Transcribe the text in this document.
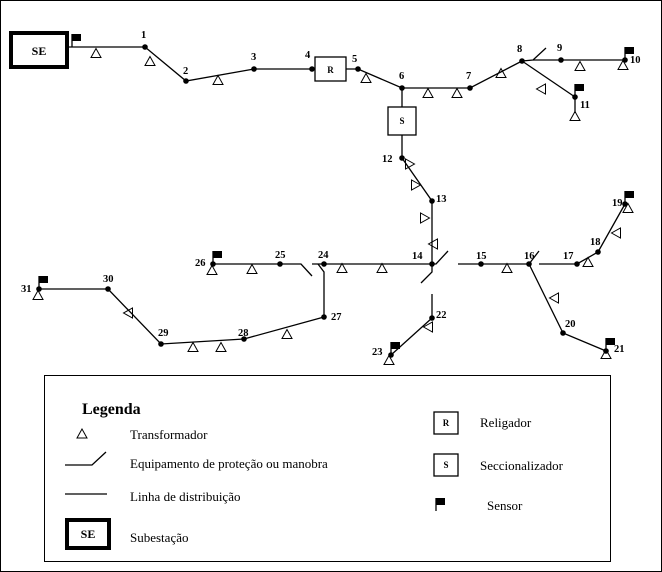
SE
R
S
1
2
3	4	5
6	7
8	9
10
11
12
13
14	15	16	17
18
19
20
21
22
23
24
25
26
27
28
29
30
31
Legenda
Transformador
Equipamento de proteção ou manobra
Linha de distribuição
SE	Subestação
R Religador
S Seccionalizador
Sensor
